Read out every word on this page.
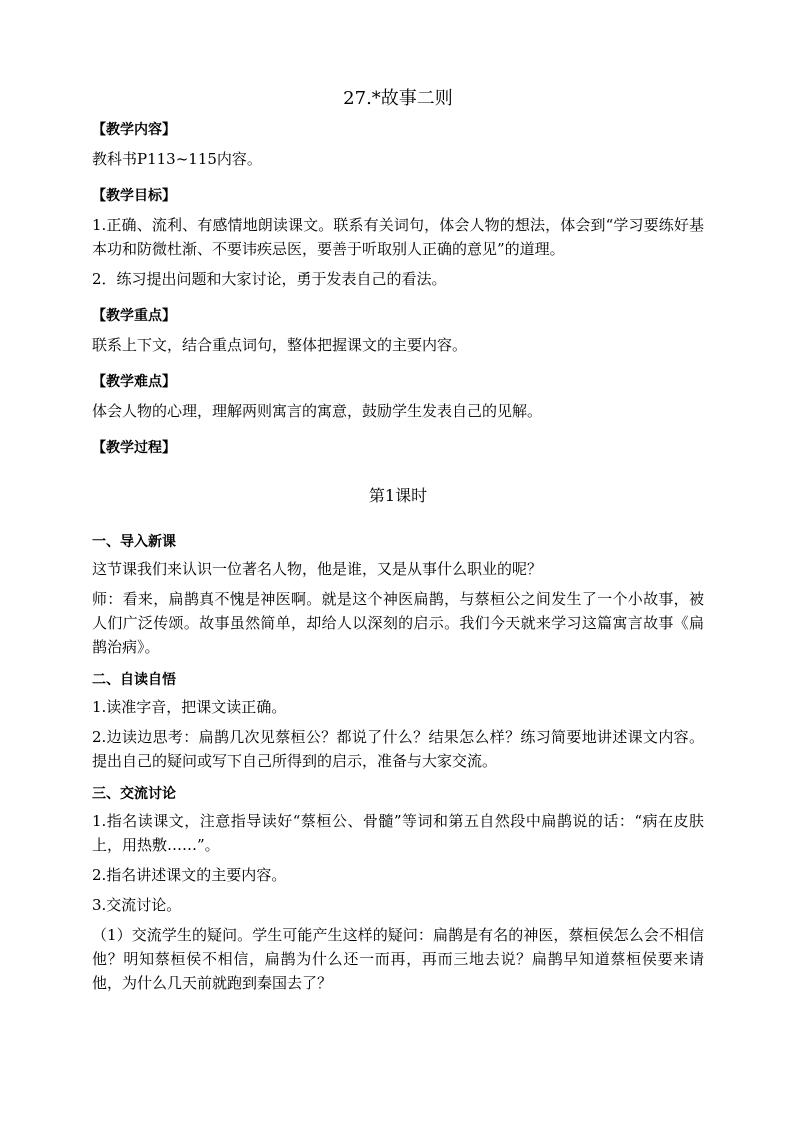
27.*故事二则
【教学内容】
教科书P113~115内容。
【教学目标】
1.正确、流利、有感情地朗读课文。联系有关词句，体会人物的想法，体会到“学习要练好基本功和防微杜渐、不要讳疾忌医，要善于听取别人正确的意见”的道理。
2．练习提出问题和大家讨论，勇于发表自己的看法。
【教学重点】
联系上下文，结合重点词句，整体把握课文的主要内容。
【教学难点】
体会人物的心理，理解两则寓言的寓意，鼓励学生发表自己的见解。
【教学过程】
第1课时
一、导入新课
这节课我们来认识一位著名人物，他是谁，又是从事什么职业的呢？
师：看来，扁鹊真不愧是神医啊。就是这个神医扁鹊，与蔡桓公之间发生了一个小故事，被人们广泛传颂。故事虽然简单，却给人以深刻的启示。我们今天就来学习这篇寓言故事《扁鹊治病》。
二、自读自悟
1.读准字音，把课文读正确。
2.边读边思考：扁鹊几次见蔡桓公？都说了什么？结果怎么样？练习简要地讲述课文内容。提出自己的疑问或写下自己所得到的启示，准备与大家交流。
三、交流讨论
1.指名读课文，注意指导读好“蔡桓公、骨髓”等词和第五自然段中扁鹊说的话：“病在皮肤上，用热敷……”。
2.指名讲述课文的主要内容。
3.交流讨论。
（1）交流学生的疑问。学生可能产生这样的疑问：扁鹊是有名的神医，蔡桓侯怎么会不相信他？明知蔡桓侯不相信，扁鹊为什么还一而再，再而三地去说？扁鹊早知道蔡桓侯要来请他，为什么几天前就跑到秦国去了？
